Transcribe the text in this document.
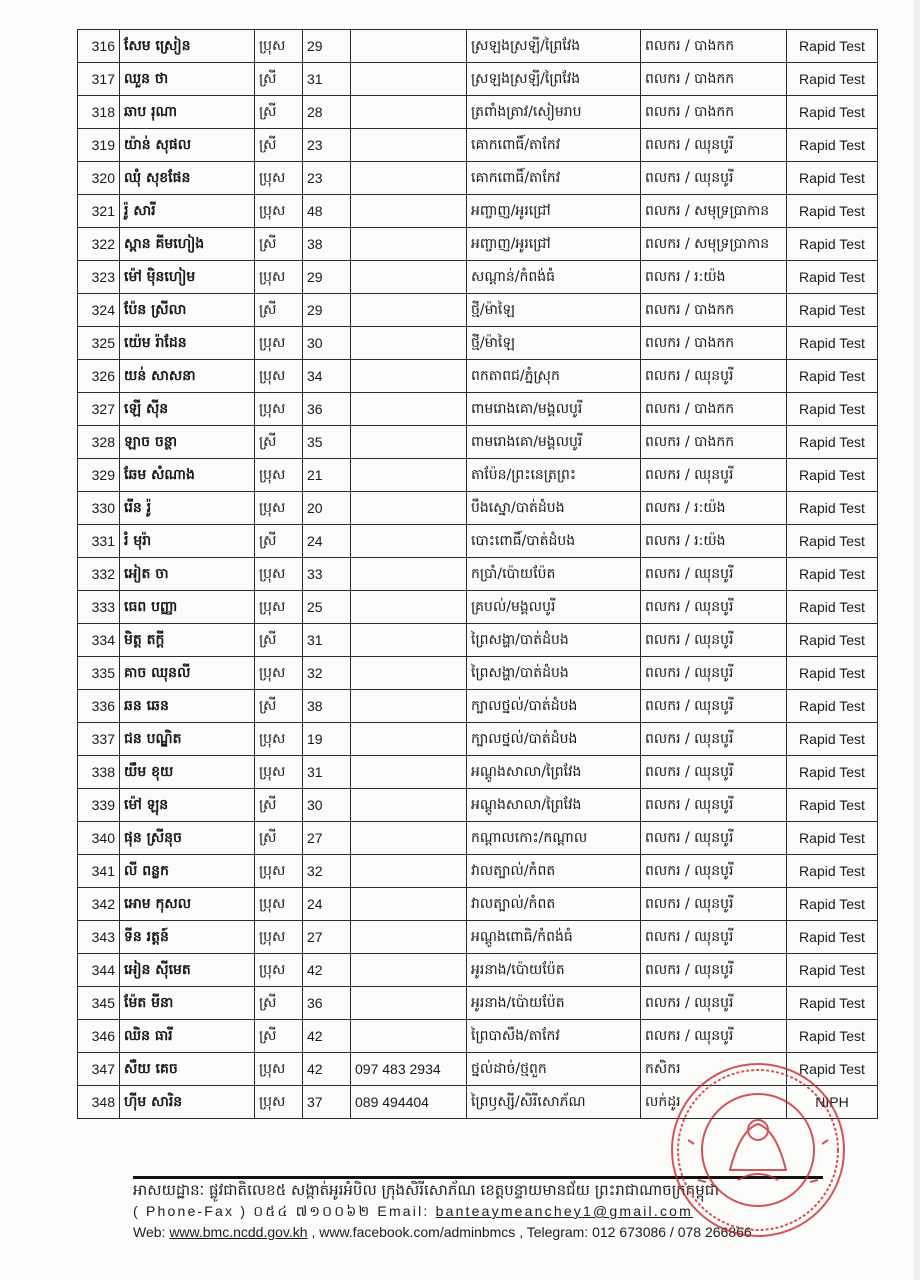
316	សែម ស្រៀន	ប្រុស	29		ស្រឡងស្រឡី/ព្រៃវែង	ពលករ / បាងកក	Rapid Test
317	ឈួន ថា	ស្រី	31		ស្រឡងស្រឡី/ព្រៃវែង	ពលករ / បាងកក	Rapid Test
318	ឆាប រុណា	ស្រី	28		ត្រពាំងត្រាវ/សៀមរាប	ពលករ / បាងកក	Rapid Test
319	យ៉ាន់ សុផល	ស្រី	23		គោកពោធិ៍/តាកែវ	ពលករ / ឈុនបូរី	Rapid Test
320	ឈុំ សុខផែន	ប្រុស	23		គោកពោធិ៍/តាកែវ	ពលករ / ឈុនបូរី	Rapid Test
321	រ៉ូ សារី	ប្រុស	48		អញ្ចាញ/អូរជ្រៅ	ពលករ / សមុទ្រប្រាកាន	Rapid Test
322	ស្ពាន គីមហៀង	ស្រី	38		អញ្ចាញ/អូរជ្រៅ	ពលករ / សមុទ្រប្រាកាន	Rapid Test
323	ម៉ៅ ម៉ិនហៀម	ប្រុស	29		សណ្ដាន់/កំពង់ធំ	ពលករ / រ:យ៉ង	Rapid Test
324	ប៉ែន ស្រីលា	ស្រី	29		ថ្មី/ម៉ាឡៃ	ពលករ / បាងកក	Rapid Test
325	យ៉េម រ៉ាដែន	ប្រុស	30		ថ្មី/ម៉ាឡៃ	ពលករ / បាងកក	Rapid Test
326	យន់ សាសនា	ប្រុស	34		ពកតាពជ/ភ្នំស្រុក	ពលករ / ឈុនបូរី	Rapid Test
327	ឡើ ស៊ីន	ប្រុស	36		ពាមរោងគោ/មង្គលបូរី	ពលករ / បាងកក	Rapid Test
328	ឡាច ចន្ថា	ស្រី	35		ពាមរោងគោ/មង្គលបូរី	ពលករ / បាងកក	Rapid Test
329	ឆែម សំណាង	ប្រុស	21		តាប៉ែន/ព្រះនេត្រព្រះ	ពលករ / ឈុនបូរី	Rapid Test
330	រើន រ៉ូ	ប្រុស	20		បឹងស្នោ/បាត់ដំបង	ពលករ / រ:យ៉ង	Rapid Test
331	រំ មុរ៉ា	ស្រី	24		បោះពោធិ៍/បាត់ដំបង	ពលករ / រ:យ៉ង	Rapid Test
332	អៀត ចា	ប្រុស	33		កប្រាំ/ប៉ោយប៉ែត	ពលករ / ឈុនបូរី	Rapid Test
333	ធេព បញ្ញា	ប្រុស	25		គ្របល់/មង្គលបូរី	ពលករ / ឈុនបូរី	Rapid Test
334	មិត្ត តក្តី	ស្រី	31		ព្រៃសង្ហា/បាត់ដំបង	ពលករ / ឈុនបូរី	Rapid Test
335	គាច ឈុនលី	ប្រុស	32		ព្រៃសង្ហា/បាត់ដំបង	ពលករ / ឈុនបូរី	Rapid Test
336	ឆន ឆេន	ស្រី	38		ក្បាលថ្នល់/បាត់ដំបង	ពលករ / ឈុនបូរី	Rapid Test
337	ជន បណ្ឌិត	ប្រុស	19		ក្បាលថ្នល់/បាត់ដំបង	ពលករ / ឈុនបូរី	Rapid Test
338	យឹម ខុយ	ប្រុស	31		អណ្ដូងសាលា/ព្រៃវែង	ពលករ / ឈុនបូរី	Rapid Test
339	ម៉ៅ ឡុន	ស្រី	30		អណ្ដូងសាលា/ព្រៃវែង	ពលករ / ឈុនបូរី	Rapid Test
340	ផុន ស្រីនុច	ស្រី	27		កណ្ដាលកោះ/កណ្ដាល	ពលករ / ឈុនបូរី	Rapid Test
341	លី ពន្លក	ប្រុស	32		វាលត្បាល់/កំពត	ពលករ / ឈុនបូរី	Rapid Test
342	អោម កុសល	ប្រុស	24		វាលត្បាល់/កំពត	ពលករ / ឈុនបូរី	Rapid Test
343	ទីន រត្តន៍	ប្រុស	27		អណ្ដូងពោធិ/កំពង់ធំ	ពលករ / ឈុនបូរី	Rapid Test
344	អៀន ស៊ីមេត	ប្រុស	42		អូរនាង/ប៉ោយប៉ែត	ពលករ / ឈុនបូរី	Rapid Test
345	ម៉ែត មីនា	ស្រី	36		អូរនាង/ប៉ោយប៉ែត	ពលករ / ឈុនបូរី	Rapid Test
346	ឈិន ធារី	ស្រី	42		ព្រៃបាសឹង/តាកែវ	ពលករ / ឈុនបូរី	Rapid Test
347	សឺយ គេច	ប្រុស	42	097 483 2934	ថ្នល់ដាច់/ថ្មពួក	កសិករ	Rapid Test
348	ហ៊ីម សារិន	ប្រុស	37	089 494404	ព្រៃឫស្សី/សិរីសោភ័ណ	លក់ដូរ	NIPH
អាសយដ្ឋានៈ ផ្លូវជាតិលេខ៥ សង្កាត់អូរអំបិល ក្រុងសិរីសោភ័ណ ខេត្តបន្ទាយមានជ័យ ព្រះរាជាណាចក្រកម្ពុជា
( Phone-Fax ) ០៥៤ ៧១០០៦២ Email: banteaymeanchey1@gmail.com
Web: www.bmc.ncdd.gov.kh , www.facebook.com/adminbmcs , Telegram: 012 673086 / 078 266866
